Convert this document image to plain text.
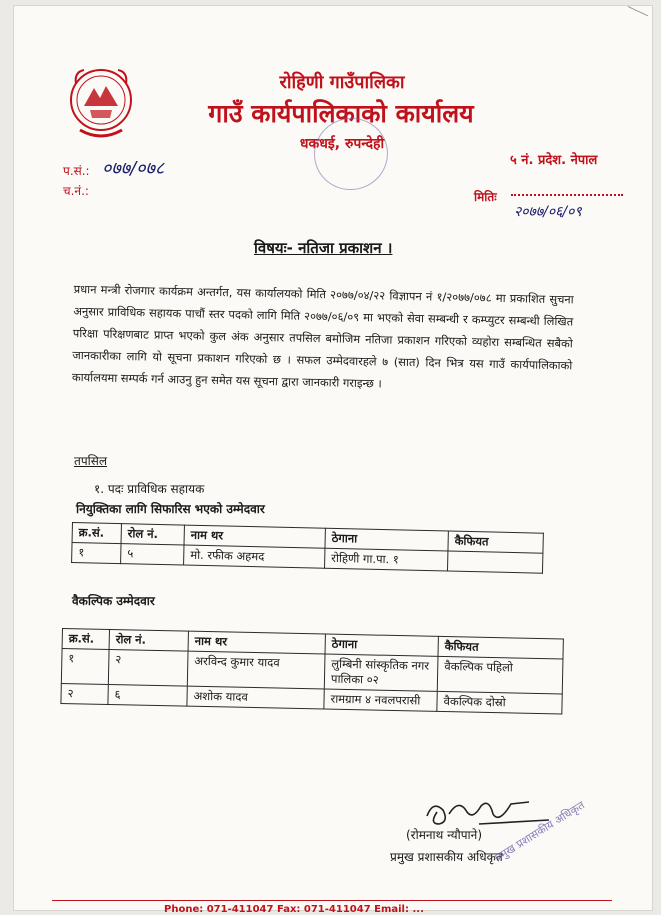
रोहिणी गाउँपालिका
गाउँ कार्यपालिकाको कार्यालय
धकधई, रुपन्देही
५ नं. प्रदेश. नेपाल
प.सं.: ०७७/०७८
च.नं.:	मितिः
२०७७/०६/०९
विषयः- नतिजा प्रकाशन ।
प्रधान मन्त्री रोजगार कार्यक्रम अन्तर्गत, यस कार्यालयको मिति २०७७/०४/२२ विज्ञापन नं १/२०७७/०७८ मा प्रकाशित सुचना अनुसार प्राविधिक सहायक पाचौं स्तर पदको लागि मिति २०७७/०६/०९ मा भएको सेवा सम्बन्धी र कम्प्युटर सम्बन्धी लिखित परिक्षा परिक्षणबाट प्राप्त भएको कुल अंक अनुसार तपसिल बमोजिम नतिजा प्रकाशन गरिएको व्यहोरा सम्बन्धित सबैको जानकारीका लागि यो सूचना प्रकाशन गरिएको छ । सफल उम्मेदवारहले ७ (सात) दिन भित्र यस गाउँ कार्यपालिकाको कार्यालयमा सम्पर्क गर्न आउनु हुन समेत यस सूचना द्वारा जानकारी गराइन्छ ।
तपसिल
१. पदः प्राविधिक सहायक
नियुक्तिका लागि सिफारिस भएको उम्मेदवार
क्र.सं.	रोल नं.	नाम थर	ठेगाना	कैफियत
१	५	मो. रफीक अहमद	रोहिणी गा.पा. १	
वैकल्पिक उम्मेदवार
क्र.सं.	रोल नं.	नाम थर	ठेगाना	कैफियत
१	२	अरविन्द कुमार यादव	लुम्बिनी सांस्कृतिक नगर पालिका ०२	वैकल्पिक पहिलो
२	६	अशोक यादव	रामग्राम ४ नवलपरासी	वैकल्पिक दोस्रो
(रोमनाथ न्यौपाने)
प्रमुख प्रशासकीय अधिकृत
प्रमुख प्रशासकीय अधिकृत
Phone: 071-411047 Fax: 071-411047 Email: ...
